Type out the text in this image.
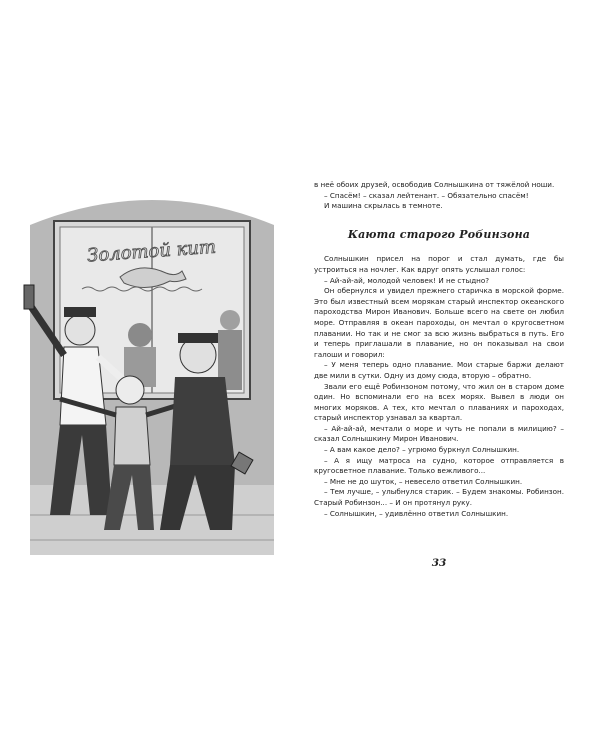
Золотой кит

в неё обоих друзей, освободив Солнышкина от тяжёлой ноши.

– Спасём! – сказал лейтенант. – Обязательно спасём!

И машина скрылась в темноте.

Каюта старого Робинзона

Солнышкин присел на порог и стал думать, где бы устроиться на ночлег. Как вдруг опять услышал голос:

– Ай-ай-ай, молодой человек! И не стыдно?

Он обернулся и увидел прежнего старичка в морской форме. Это был известный всем морякам старый инспектор океанского пароходства Мирон Иванович. Больше всего на свете он любил море. Отправляя в океан пароходы, он мечтал о кругосветном плавании. Но так и не смог за всю жизнь выбраться в путь. Его и теперь приглашали в плавание, но он показывал на свои галоши и говорил:

– У меня теперь одно плавание. Мои старые баржи делают две мили в сутки. Одну из дому сюда, вторую – обратно.

Звали его ещё Робинзоном потому, что жил он в старом доме один. Но вспоминали его на всех морях. Вывел в люди он многих моряков. А тех, кто мечтал о плаваниях и пароходах, старый инспектор узнавал за квартал.

– Ай-ай-ай, мечтали о море и чуть не попали в милицию? – сказал Солнышкину Мирон Иванович.

– А вам какое дело? – угрюмо буркнул Солнышкин.

– А я ищу матроса на судно, которое отправляется в кругосветное плавание. Только вежливого...

– Мне не до шуток, – невесело ответил Солнышкин.

– Тем лучше, – улыбнулся старик. – Будем знакомы. Робинзон. Старый Робинзон... – И он протянул руку.

– Солнышкин, – удивлённо ответил Солнышкин.

33
